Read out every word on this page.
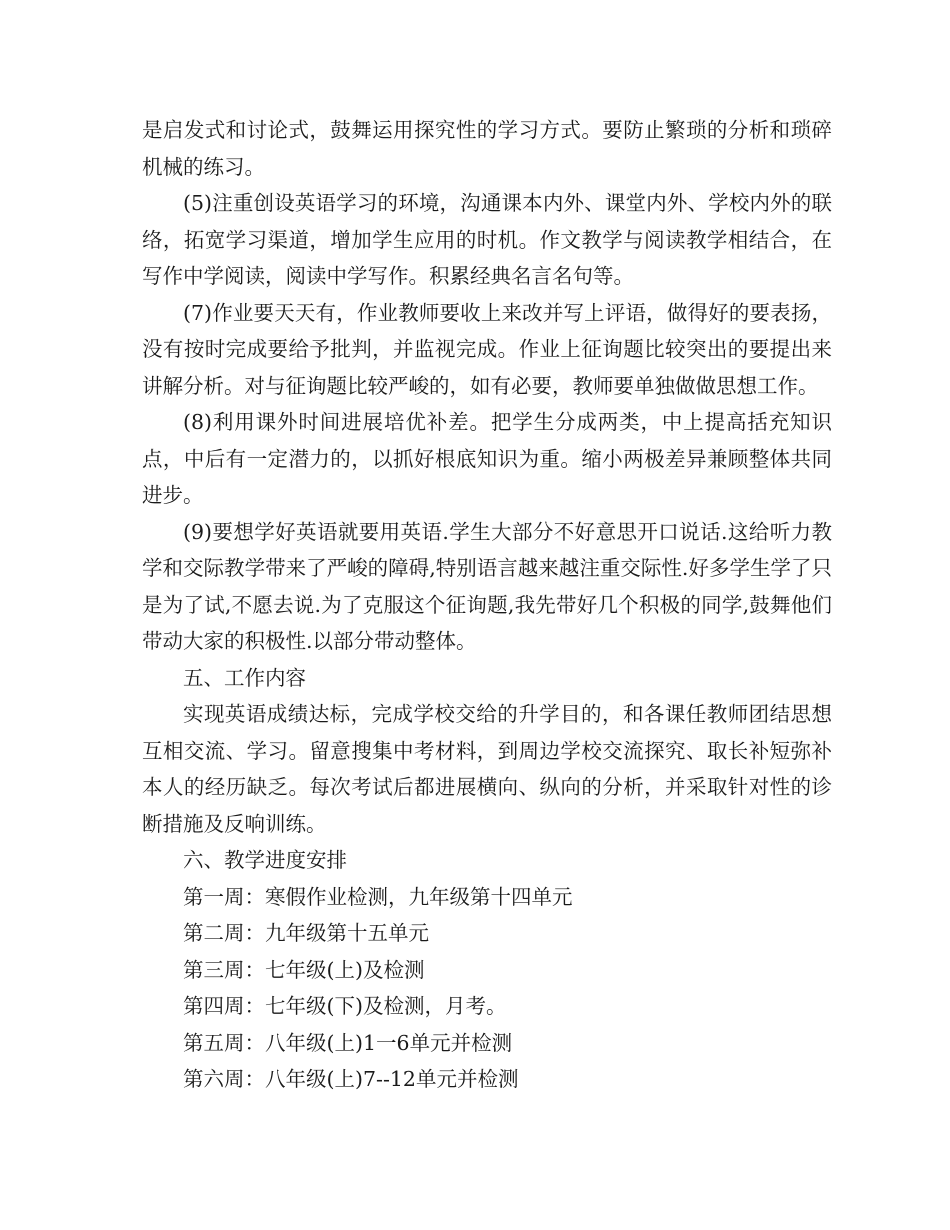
是启发式和讨论式，鼓舞运用探究性的学习方式。要防止繁琐的分析和琐碎机械的练习。

(5)注重创设英语学习的环境，沟通课本内外、课堂内外、学校内外的联络，拓宽学习渠道，增加学生应用的时机。作文教学与阅读教学相结合，在写作中学阅读，阅读中学写作。积累经典名言名句等。

(7)作业要天天有，作业教师要收上来改并写上评语，做得好的要表扬，没有按时完成要给予批判，并监视完成。作业上征询题比较突出的要提出来讲解分析。对与征询题比较严峻的，如有必要，教师要单独做做思想工作。

(8)利用课外时间进展培优补差。把学生分成两类，中上提高括充知识点，中后有一定潜力的，以抓好根底知识为重。缩小两极差异兼顾整体共同进步。

(9)要想学好英语就要用英语.学生大部分不好意思开口说话.这给听力教学和交际教学带来了严峻的障碍,特别语言越来越注重交际性.好多学生学了只是为了试,不愿去说.为了克服这个征询题,我先带好几个积极的同学,鼓舞他们带动大家的积极性.以部分带动整体。

五、工作内容

实现英语成绩达标，完成学校交给的升学目的，和各课任教师团结思想互相交流、学习。留意搜集中考材料，到周边学校交流探究、取长补短弥补本人的经历缺乏。每次考试后都进展横向、纵向的分析，并采取针对性的诊断措施及反响训练。

六、教学进度安排

第一周：寒假作业检测，九年级第十四单元

第二周：九年级第十五单元

第三周：七年级(上)及检测

第四周：七年级(下)及检测，月考。

第五周：八年级(上)1一6单元并检测

第六周：八年级(上)7--12单元并检测
